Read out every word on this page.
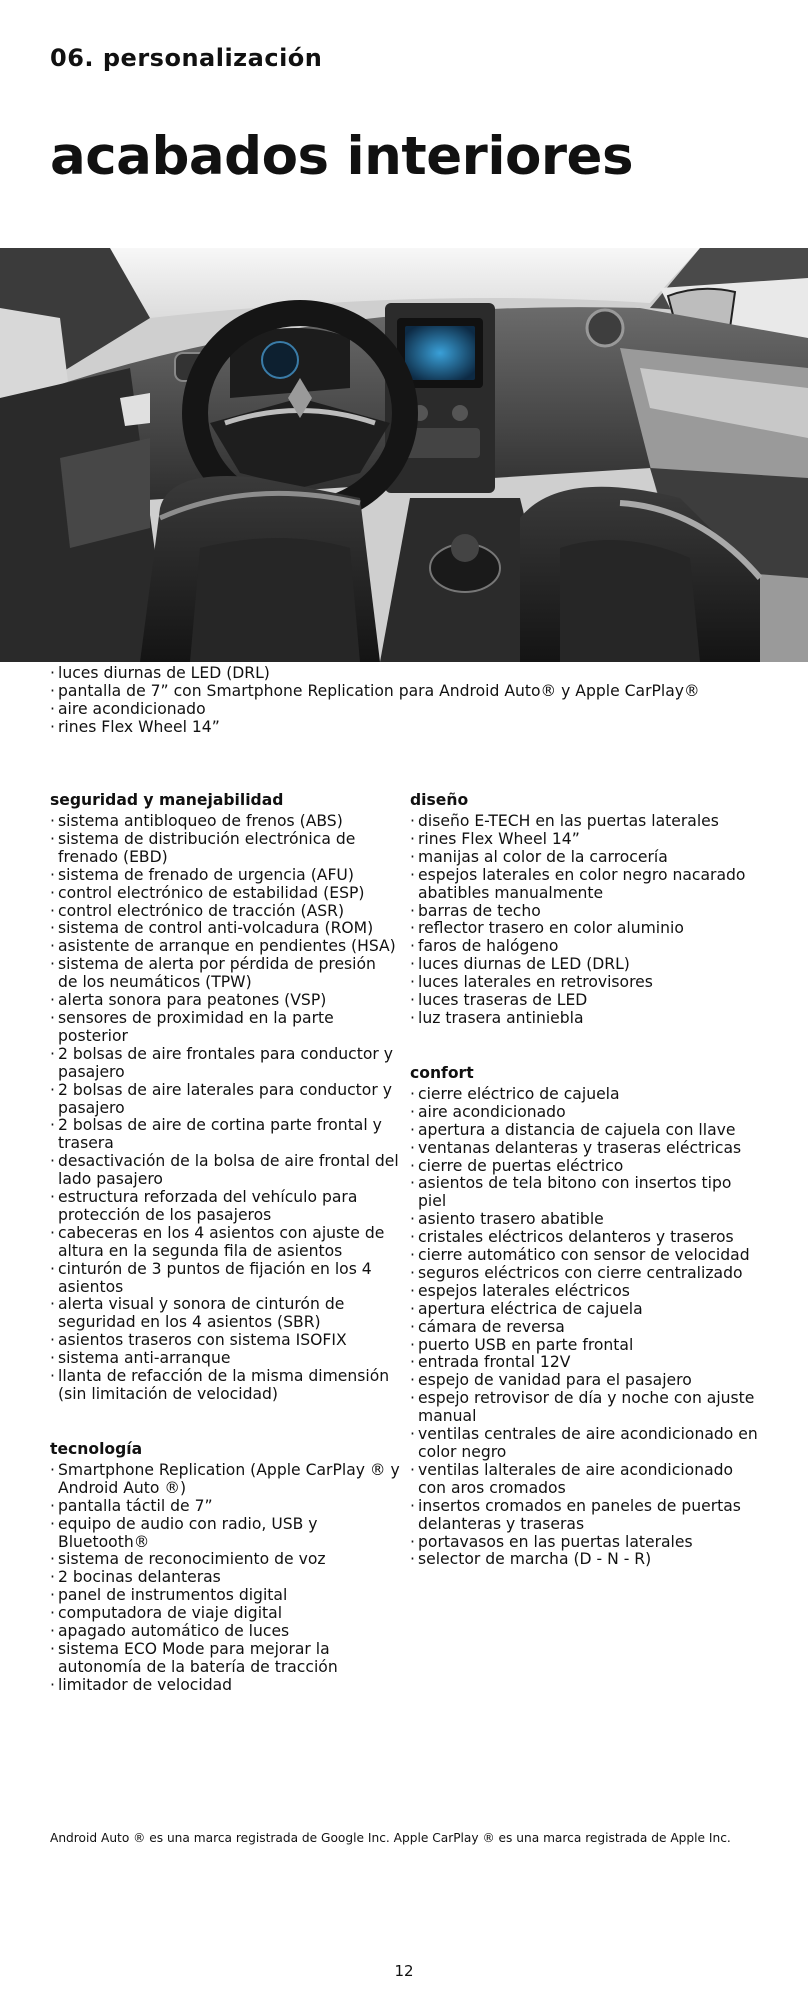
06. personalización
acabados interiores
· luces diurnas de LED (DRL)
· pantalla de 7” con Smartphone Replication para Android Auto® y Apple CarPlay®
· aire acondicionado
· rines Flex Wheel 14”
seguridad y manejabilidad
· sistema antibloqueo de frenos (ABS)
· sistema de distribución electrónica de frenado (EBD)
· sistema de frenado de urgencia (AFU)
· control electrónico de estabilidad (ESP)
· control electrónico de tracción (ASR)
· sistema de control anti-volcadura (ROM)
· asistente de arranque en pendientes (HSA)
· sistema de alerta por pérdida de presión de los neumáticos (TPW)
· alerta sonora para peatones (VSP)
· sensores de proximidad en la parte posterior
· 2 bolsas de aire frontales para conductor y pasajero
· 2 bolsas de aire laterales para conductor y pasajero
· 2 bolsas de aire de cortina parte frontal y trasera
· desactivación de la bolsa de aire frontal del lado pasajero
· estructura reforzada del vehículo para protección de los pasajeros
· cabeceras en los 4 asientos con ajuste de altura en la segunda fila de asientos
· cinturón de 3 puntos de fijación en los 4 asientos
· alerta visual y sonora de cinturón de seguridad en los 4 asientos (SBR)
· asientos traseros con sistema ISOFIX
· sistema anti-arranque
· llanta de refacción de la misma dimensión (sin limitación de velocidad)
tecnología
· Smartphone Replication (Apple CarPlay ® y Android Auto ®)
· pantalla táctil de 7”
· equipo de audio con radio, USB y Bluetooth®
· sistema de reconocimiento de voz
· 2 bocinas delanteras
· panel de instrumentos digital
· computadora de viaje digital
· apagado automático de luces
· sistema ECO Mode para mejorar la autonomía de la batería de tracción
· limitador de velocidad
diseño
· diseño E-TECH en las puertas laterales
· rines Flex Wheel 14”
· manijas al color de la carrocería
· espejos laterales en color negro nacarado abatibles manualmente
· barras de techo
· reflector trasero en color aluminio
· faros de halógeno
· luces diurnas de LED (DRL)
· luces laterales en retrovisores
· luces traseras de LED
· luz trasera antiniebla
confort
· cierre eléctrico de cajuela
· aire acondicionado
· apertura a distancia de cajuela con llave
· ventanas delanteras y traseras eléctricas
· cierre de puertas eléctrico
· asientos de tela bitono con insertos tipo piel
· asiento trasero abatible
· cristales eléctricos delanteros y traseros
· cierre automático con sensor de velocidad
· seguros eléctricos con cierre centralizado
· espejos laterales eléctricos
· apertura eléctrica de cajuela
· cámara de reversa
· puerto USB en parte frontal
· entrada frontal 12V
· espejo de vanidad para el pasajero
· espejo retrovisor de día y noche con ajuste manual
· ventilas centrales de aire acondicionado en color negro
· ventilas lalterales de aire acondicionado con aros cromados
· insertos cromados en paneles de puertas delanteras y traseras
· portavasos en las puertas laterales
· selector de marcha (D - N - R)
Android Auto ® es una marca registrada de Google Inc. Apple CarPlay ® es una marca registrada de Apple Inc.
12
